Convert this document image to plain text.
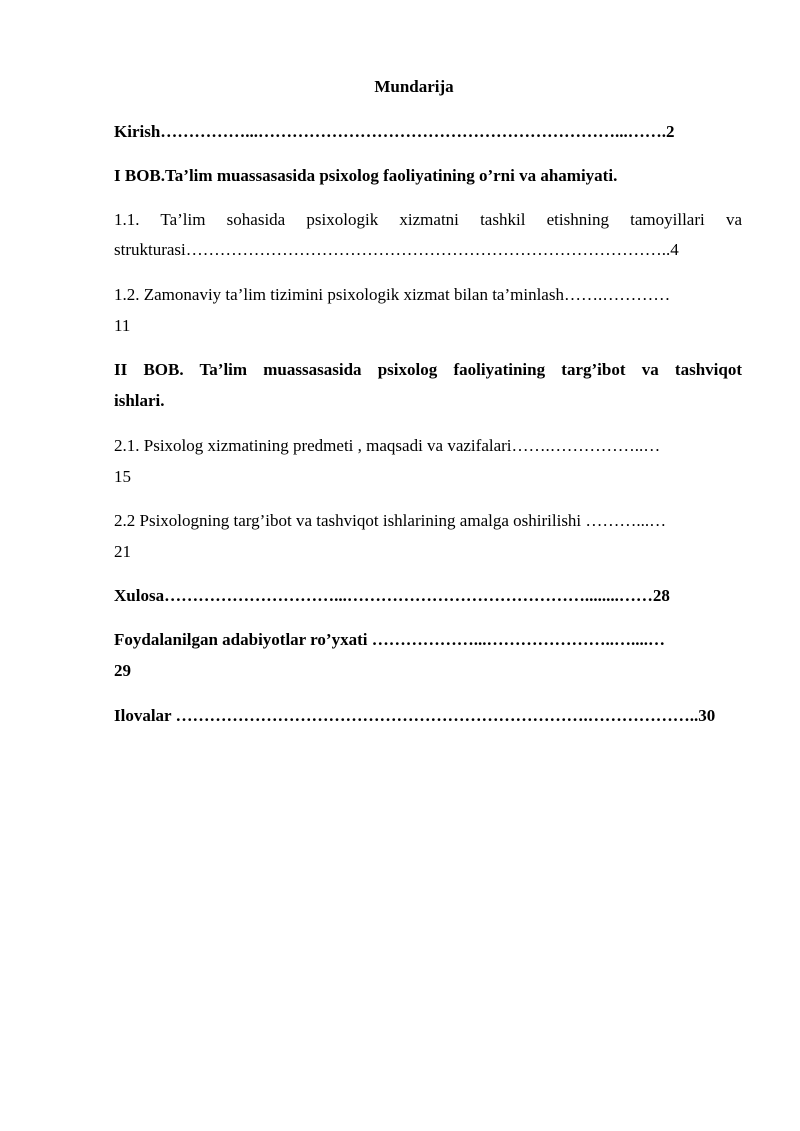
Mundarija
Kirish……………...………………………………………………………...…….2
I BOB.Ta’lim muassasasida psixolog faoliyatining o’rni va ahamiyati.
1.1. Ta’lim sohasida psixologik xizmatni tashkil etishning tamoyillari va
strukturasi…………………………………………………………………………..4
1.2. Zamonaviy ta’lim tizimini psixologik xizmat bilan ta’minlash…….…………
11
II BOB. Ta’lim muassasasida psixolog faoliyatining targ’ibot va tashviqot
ishlari.
2.1. Psixolog xizmatining predmeti , maqsadi va vazifalari…….……………..…
15
2.2 Psixologning targ’ibot va tashviqot ishlarining amalga oshirilishi ………...…
21
Xulosa…………………………...……………………………………........……28
Foydalanilgan adabiyotlar ro’yxati ………………...…………………..…....…
29
Ilovalar ……………………………………………………………….………………..30
